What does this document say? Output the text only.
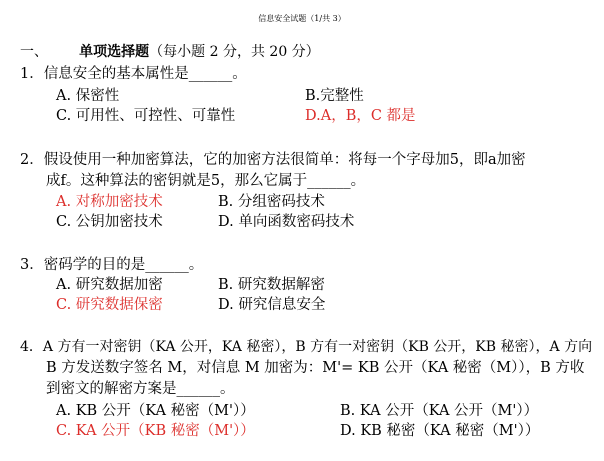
信息安全试题（1/共 3）
一、 单项选择题（每小题 2 分，共 20 分）
1．信息安全的基本属性是______。
A. 保密性	B.完整性
C. 可用性、可控性、可靠性	D.A，B，C 都是
2．假设使用一种加密算法，它的加密方法很简单：将每一个字母加5，即a加密
成f。这种算法的密钥就是5，那么它属于______。
A. 对称加密技术	B. 分组密码技术
C. 公钥加密技术	D. 单向函数密码技术
3．密码学的目的是______。
A. 研究数据加密	B. 研究数据解密
C. 研究数据保密	D. 研究信息安全
4．A 方有一对密钥（KA 公开，KA 秘密），B 方有一对密钥（KB 公开，KB 秘密），A 方向
B 方发送数字签名 M，对信息 M 加密为：M'= KB 公开（KA 秘密（M）），B 方收
到密文的解密方案是______。
A. KB 公开（KA 秘密（M'））	B. KA 公开（KA 公开（M'））
C. KA 公开（KB 秘密（M'））	D. KB 秘密（KA 秘密（M'））
